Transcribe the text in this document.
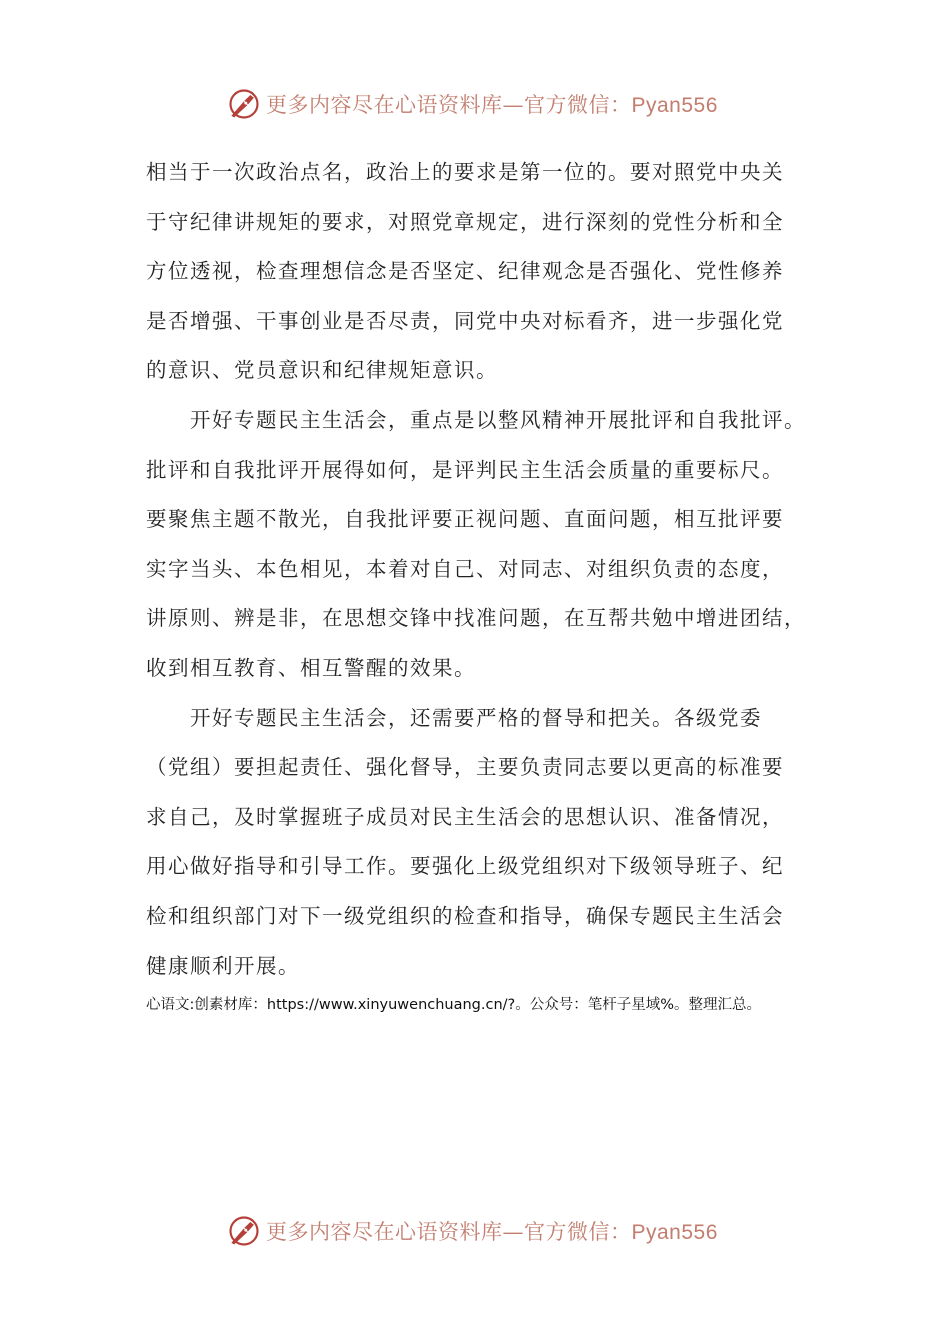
更多内容尽在心语资料库—官方微信：Pyan556
相当于一次政治点名，政治上的要求是第一位的。要对照党中央关
于守纪律讲规矩的要求，对照党章规定，进行深刻的党性分析和全
方位透视，检查理想信念是否坚定、纪律观念是否强化、党性修养
是否增强、干事创业是否尽责，同党中央对标看齐，进一步强化党
的意识、党员意识和纪律规矩意识。
　　开好专题民主生活会，重点是以整风精神开展批评和自我批评。
批评和自我批评开展得如何，是评判民主生活会质量的重要标尺。
要聚焦主题不散光，自我批评要正视问题、直面问题，相互批评要
实字当头、本色相见，本着对自己、对同志、对组织负责的态度，
讲原则、辨是非，在思想交锋中找准问题，在互帮共勉中增进团结，
收到相互教育、相互警醒的效果。
　　开好专题民主生活会，还需要严格的督导和把关。各级党委
（党组）要担起责任、强化督导，主要负责同志要以更高的标准要
求自己，及时掌握班子成员对民主生活会的思想认识、准备情况，
用心做好指导和引导工作。要强化上级党组织对下级领导班子、纪
检和组织部门对下一级党组织的检查和指导，确保专题民主生活会
健康顺利开展。
心语文:创素材库：https://www.xinyuwenchuang.cn/?。公众号：笔杆子星域%。整理汇总。
更多内容尽在心语资料库—官方微信：Pyan556
